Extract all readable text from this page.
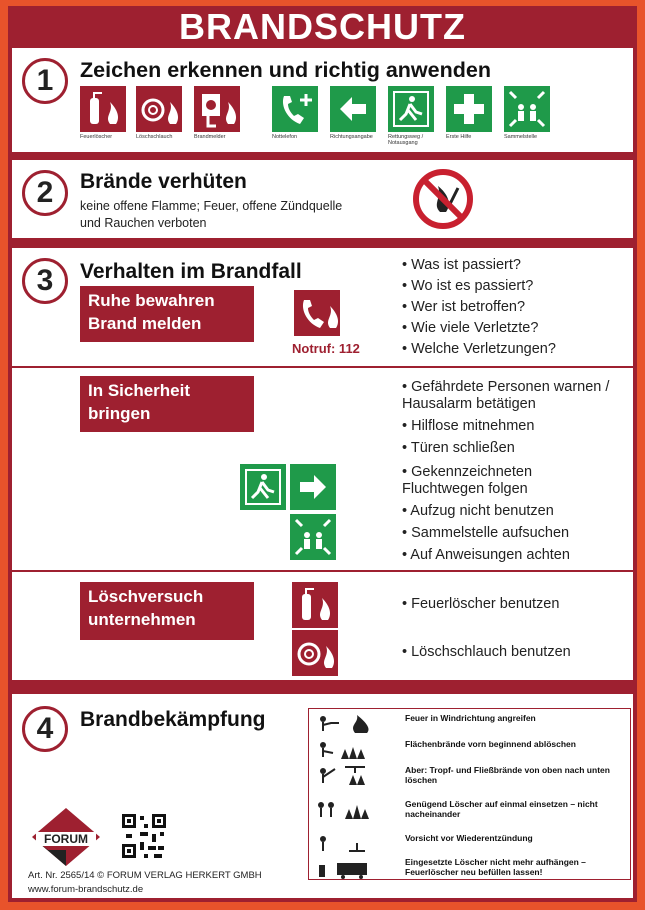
BRANDSCHUTZ
1	Zeichen erkennen und richtig anwenden
Feuerlöscher	Löschschlauch	Brandmelder	Nottelefon	Richtungsangabe	Rettungsweg / Notausgang
Erste Hilfe	Sammelstelle
2	Brände verhüten
keine offene Flamme; Feuer, offene Zündquelle
und Rauchen verboten
3	Verhalten im Brandfall
Ruhe bewahren
Brand melden
Notruf: 112
• Was ist passiert?
• Wo ist es passiert?
• Wer ist betroffen?
• Wie viele Verletzte?
• Welche Verletzungen?
In Sicherheit
bringen
• Gefährdete Personen warnen / Hausalarm betätigen
• Hilflose mitnehmen
• Türen schließen
• Gekennzeichneten Fluchtwegen folgen
• Aufzug nicht benutzen
• Sammelstelle aufsuchen
• Auf Anweisungen achten
Löschversuch
unternehmen
• Feuerlöscher benutzen
• Löschschlauch benutzen
4	Brandbekämpfung	Feuer in Windrichtung angreifen
Flächenbrände vorn beginnend ablöschen
Aber: Tropf- und Fließbrände von oben nach unten löschen
Genügend Löscher auf einmal einsetzen – nicht nacheinander
Vorsicht vor Wiederentzündung
Eingesetzte Löscher nicht mehr aufhängen – Feuerlöscher neu befüllen lassen!
FORUM
Art. Nr. 2565/14 © FORUM VERLAG HERKERT GMBH
www.forum-brandschutz.de
